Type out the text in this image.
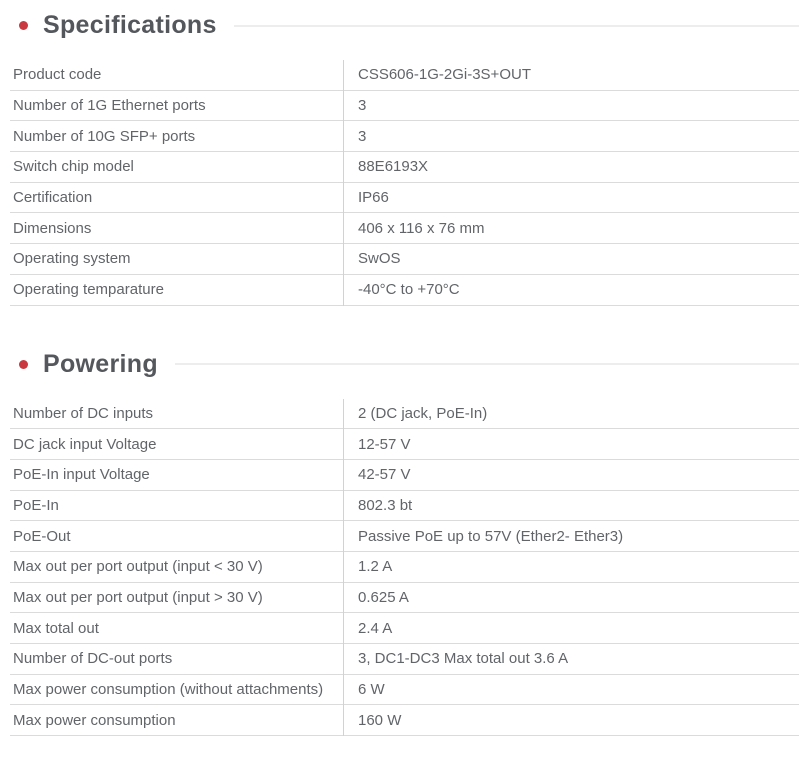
Specifications
Product code	CSS606-1G-2Gi-3S+OUT
Number of 1G Ethernet ports	3
Number of 10G SFP+ ports	3
Switch chip model	88E6193X
Certification	IP66
Dimensions	406 x 116 x 76 mm
Operating system	SwOS
Operating temparature	-40°C to +70°C
Powering
Number of DC inputs	2 (DC jack, PoE-In)
DC jack input Voltage	12-57 V
PoE-In input Voltage	42-57 V
PoE-In	802.3 bt
PoE-Out	Passive PoE up to 57V (Ether2- Ether3)
Max out per port output (input < 30 V)	1.2 A
Max out per port output (input > 30 V)	0.625 A
Max total out	2.4 A
Number of DC-out ports	3, DC1-DC3 Max total out 3.6 A
Max power consumption (without attachments)	6 W
Max power consumption	160 W
